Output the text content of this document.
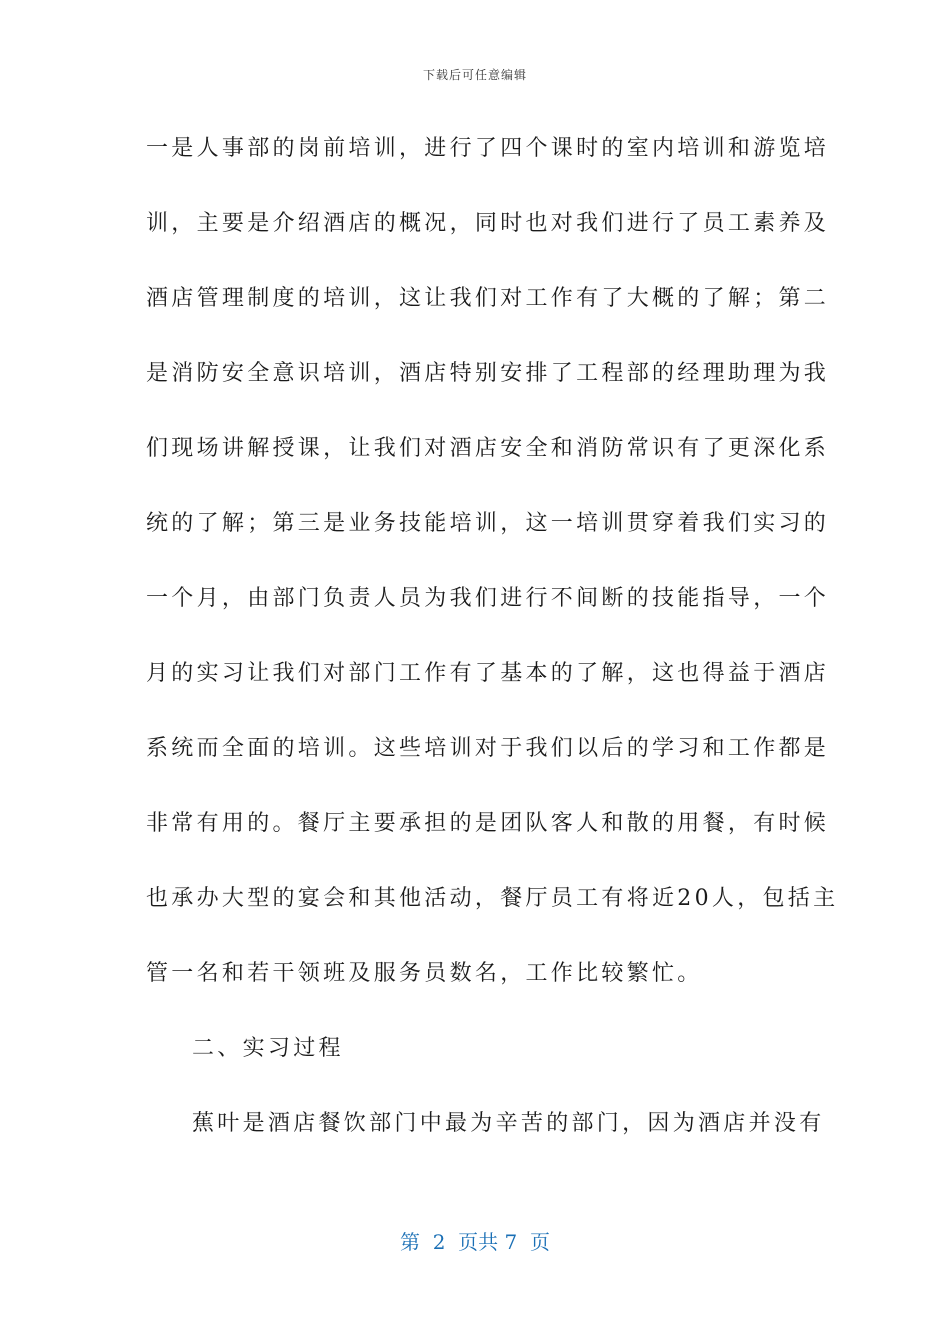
下载后可任意编辑
一是人事部的岗前培训，进行了四个课时的室内培训和游览培
训，主要是介绍酒店的概况，同时也对我们进行了员工素养及
酒店管理制度的培训，这让我们对工作有了大概的了解；第二
是消防安全意识培训，酒店特别安排了工程部的经理助理为我
们现场讲解授课，让我们对酒店安全和消防常识有了更深化系
统的了解；第三是业务技能培训，这一培训贯穿着我们实习的
一个月，由部门负责人员为我们进行不间断的技能指导，一个
月的实习让我们对部门工作有了基本的了解，这也得益于酒店
系统而全面的培训。这些培训对于我们以后的学习和工作都是
非常有用的。餐厅主要承担的是团队客人和散的用餐，有时候
也承办大型的宴会和其他活动，餐厅员工有将近20人，包括主
管一名和若干领班及服务员数名，工作比较繁忙。
二、实习过程
蕉叶是酒店餐饮部门中最为辛苦的部门，因为酒店并没有
第  2  页共 7  页
